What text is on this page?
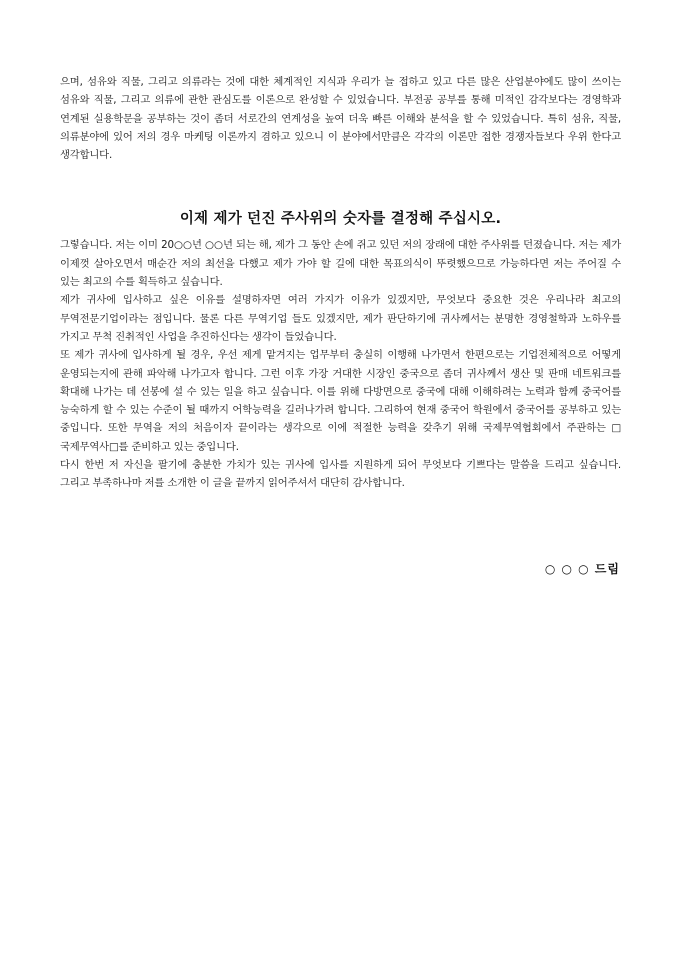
으며, 섬유와 직물, 그리고 의류라는 것에 대한 체계적인 지식과 우리가 늘 접하고 있고 다른 많은 산업분야에도 많이 쓰이는 섬유와 직물, 그리고 의류에 관한 관심도를 이론으로 완성할 수 있었습니다. 부전공 공부를 통해 미적인 감각보다는 경영학과 연계된 실용학문을 공부하는 것이 좀더 서로간의 연계성을 높여 더욱 빠른 이해와 분석을 할 수 있었습니다. 특히 섬유, 직물, 의류분야에 있어 저의 경우 마케팅 이론까지 겸하고 있으니 이 분야에서만큼은 각각의 이론만 접한 경쟁자들보다 우위 한다고 생각합니다.

이제 제가 던진 주사위의 숫자를 결정해 주십시오.

그렇습니다. 저는 이미 20○○년 ○○년 되는 해, 제가 그 동안 손에 쥐고 있던 저의 장래에 대한 주사위를 던졌습니다. 저는 제가 이제껏 살아오면서 매순간 저의 최선을 다했고 제가 가야 할 길에 대한 목표의식이 뚜렷했으므로 가능하다면 저는 주어질 수 있는 최고의 수를 획득하고 싶습니다.

제가 귀사에 입사하고 싶은 이유를 설명하자면 여러 가지가 이유가 있겠지만, 무엇보다 중요한 것은 우리나라 최고의 무역전문기업이라는 점입니다. 물론 다른 무역기업 들도 있겠지만, 제가 판단하기에 귀사께서는 분명한 경영철학과 노하우를 가지고 무척 진취적인 사업을 추진하신다는 생각이 들었습니다.

또 제가 귀사에 입사하게 될 경우, 우선 제게 맡겨지는 업무부터 충실히 이행해 나가면서 한편으로는 기업전체적으로 어떻게 운영되는지에 관해 파악해 나가고자 합니다. 그런 이후 가장 거대한 시장인 중국으로 좀더 귀사께서 생산 및 판매 네트워크를 확대해 나가는 데 선봉에 설 수 있는 일을 하고 싶습니다. 이를 위해 다방면으로 중국에 대해 이해하려는 노력과 함께 중국어를 능숙하게 할 수 있는 수준이 될 때까지 어학능력을 길러나가려 합니다. 그리하여 현재 중국어 학원에서 중국어를 공부하고 있는 중입니다. 또한 무역을 저의 처음이자 끝이라는 생각으로 이에 적절한 능력을 갖추기 위해 국제무역협회에서 주관하는 □국제무역사□를 준비하고 있는 중입니다.

다시 한번 저 자신을 팔기에 충분한 가치가 있는 귀사에 입사를 지원하게 되어 무엇보다 기쁘다는 말씀을 드리고 싶습니다. 그리고 부족하나마 저를 소개한 이 글을 끝까지 읽어주셔서 대단히 감사합니다.

○ ○ ○ 드림
